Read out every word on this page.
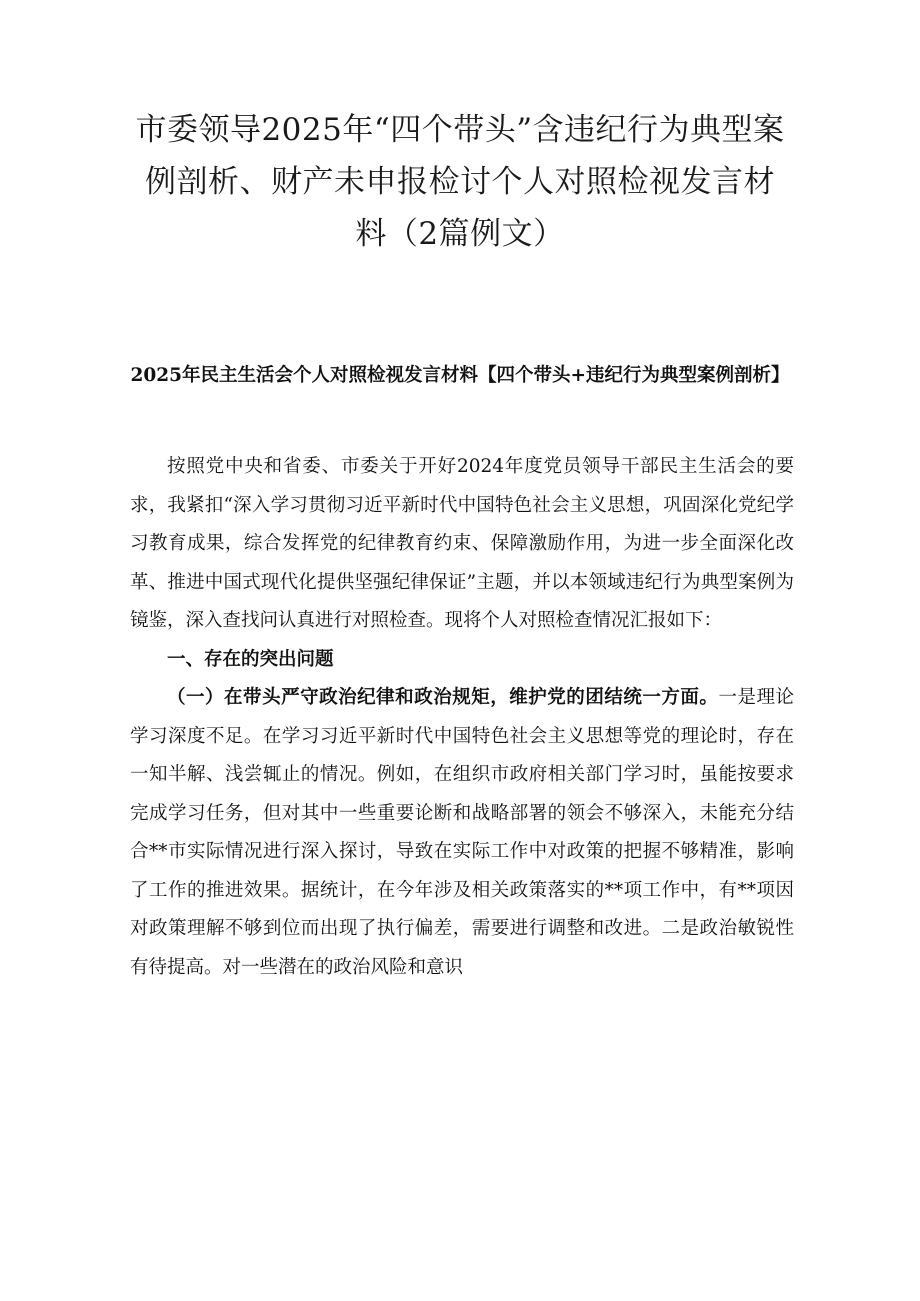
市委领导2025年“四个带头”含违纪行为典型案例剖析、财产未申报检讨个人对照检视发言材料（2篇例文）
2025年民主生活会个人对照检视发言材料【四个带头+违纪行为典型案例剖析】

按照党中央和省委、市委关于开好2024年度党员领导干部民主生活会的要求，我紧扣“深入学习贯彻习近平新时代中国特色社会主义思想，巩固深化党纪学习教育成果，综合发挥党的纪律教育约束、保障激励作用，为进一步全面深化改革、推进中国式现代化提供坚强纪律保证”主题，并以本领域违纪行为典型案例为镜鉴，深入查找问认真进行对照检查。现将个人对照检查情况汇报如下：

一、存在的突出问题

（一）在带头严守政治纪律和政治规矩，维护党的团结统一方面。一是理论学习深度不足。在学习习近平新时代中国特色社会主义思想等党的理论时，存在一知半解、浅尝辄止的情况。例如，在组织市政府相关部门学习时，虽能按要求完成学习任务，但对其中一些重要论断和战略部署的领会不够深入，未能充分结合**市实际情况进行深入探讨，导致在实际工作中对政策的把握不够精准，影响了工作的推进效果。据统计，在今年涉及相关政策落实的**项工作中，有**项因对政策理解不够到位而出现了执行偏差，需要进行调整和改进。二是政治敏锐性有待提高。对一些潜在的政治风险和意识
